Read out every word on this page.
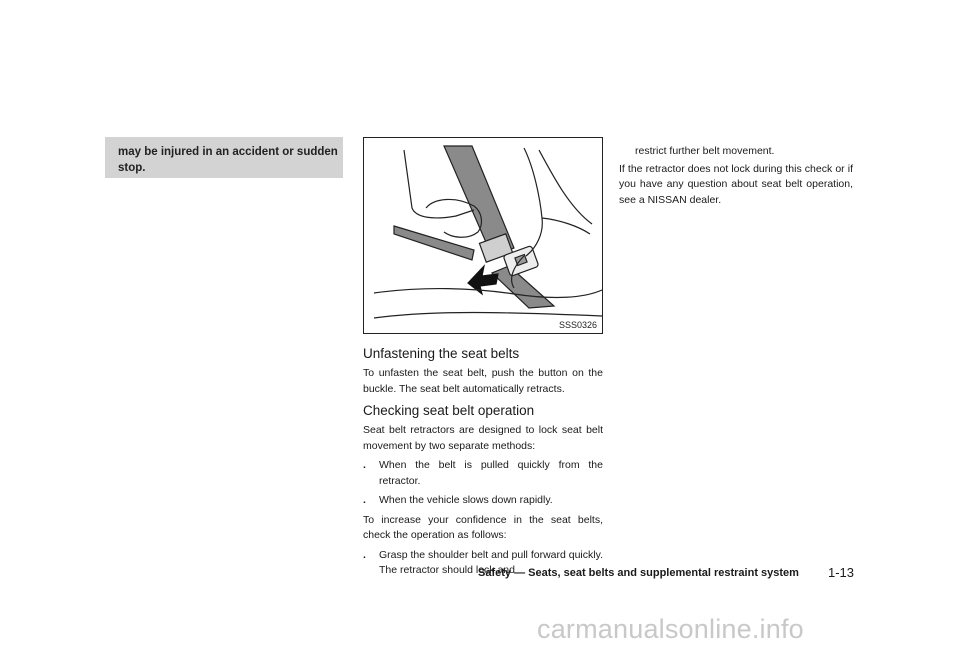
may be injured in an accident or sudden stop.
SSS0326
Unfastening the seat belts
To unfasten the seat belt, push the button on the buckle. The seat belt automatically retracts.
Checking seat belt operation
Seat belt retractors are designed to lock seat belt movement by two separate methods:
. When the belt is pulled quickly from the retractor.
. When the vehicle slows down rapidly.
To increase your confidence in the seat belts, check the operation as follows:
. Grasp the shoulder belt and pull forward quickly. The retractor should lock and
restrict further belt movement.
If the retractor does not lock during this check or if you have any question about seat belt operation, see a NISSAN dealer.
Safety — Seats, seat belts and supplemental restraint system 1-13
carmanualsonline.info
